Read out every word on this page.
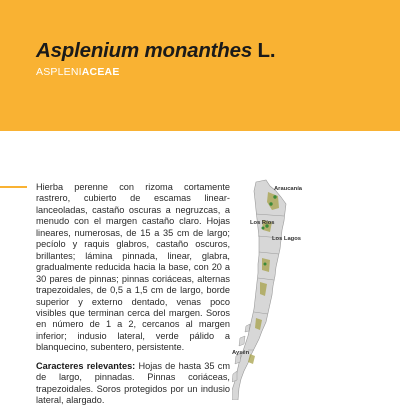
Asplenium monanthes L.
ASPLENIACEAE

Hierba perenne con rizoma cortamente rastrero, cubierto de escamas linear-lanceoladas, castaño oscuras a negruzcas, a menudo con el margen castaño claro. Hojas lineares, numerosas, de 15 a 35 cm de largo; pecíolo y raquis glabros, castaño oscuros, brillantes; lámina pinnada, linear, glabra, gradualmente reducida hacia la base, con 20 a 30 pares de pinnas; pinnas coriáceas, alternas trapezoidales, de 0,5 a 1,5 cm de largo, borde superior y externo dentado, venas poco visibles que terminan cerca del margen. Soros en número de 1 a 2, cercanos al margen inferior; indusio lateral, verde pálido a blanquecino, subentero, persistente.

Caracteres relevantes: Hojas de hasta 35 cm de largo, pinnadas. Pinnas coriáceas, trapezoidales. Soros protegidos por un indusio lateral, alargado.

Araucanía
Los Ríos
Los Lagos
Aysén
